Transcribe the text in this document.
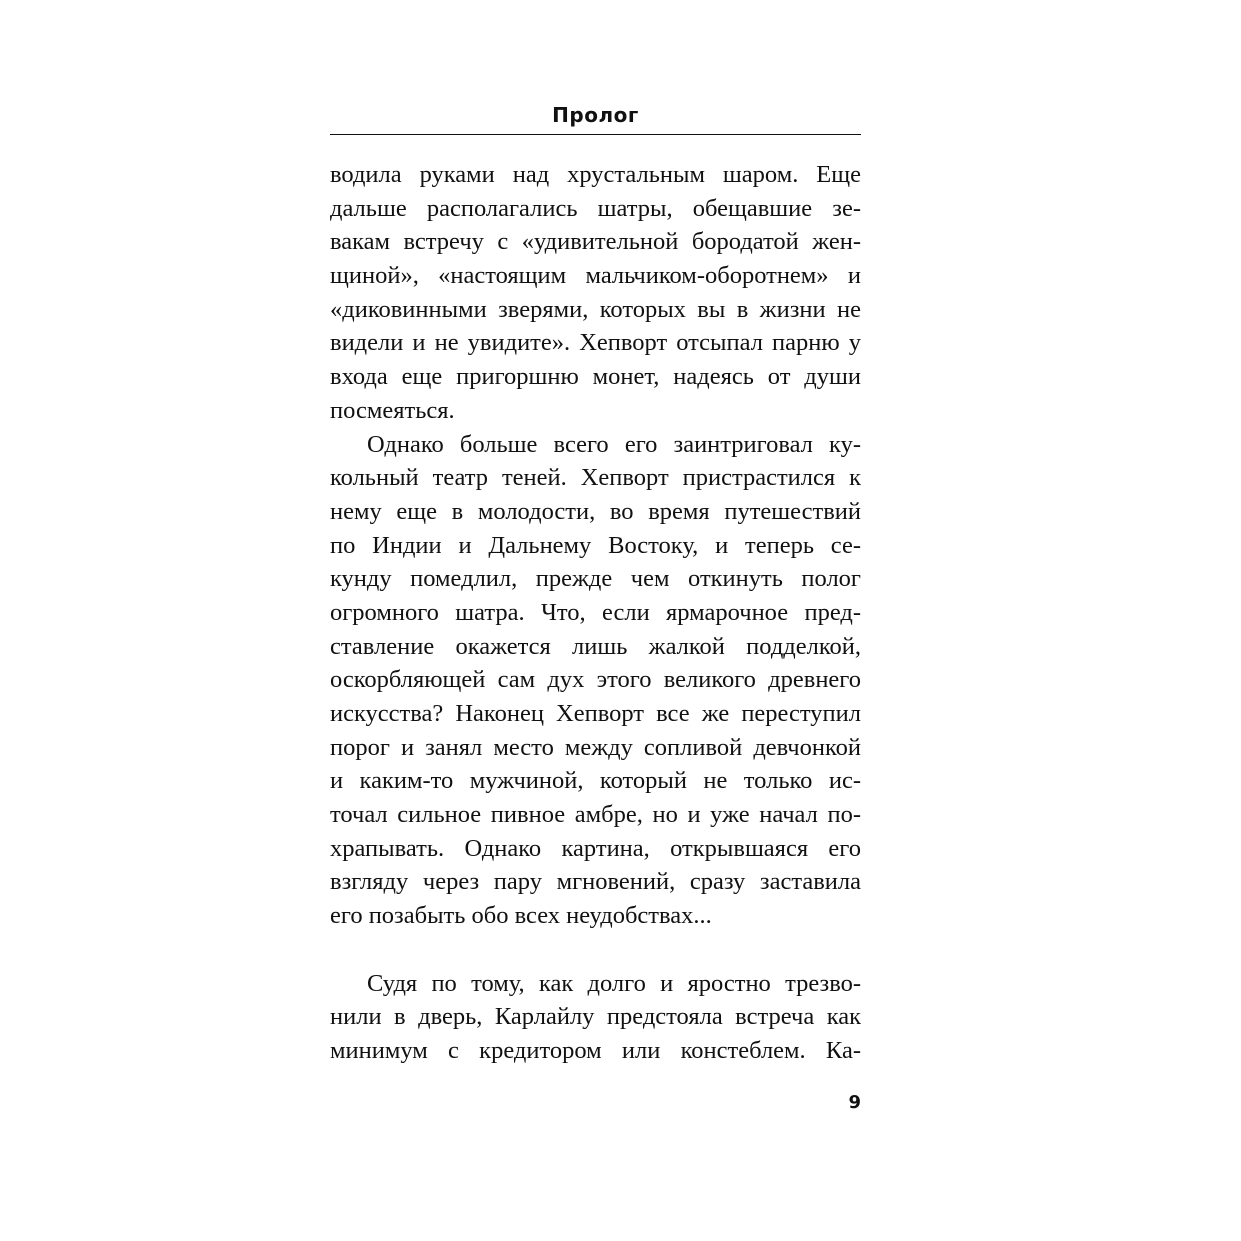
Пролог
водила руками над хрустальным шаром. Еще
дальше располагались шатры, обещавшие зе-
вакам встречу с «удивительной бородатой жен-
щиной», «настоящим мальчиком-оборотнем» и
«диковинными зверями, которых вы в жизни не
видели и не увидите». Хепворт отсыпал парню у
входа еще пригоршню монет, надеясь от души
посмеяться.
Однако больше всего его заинтриговал ку-
кольный театр теней. Хепворт пристрастился к
нему еще в молодости, во время путешествий
по Индии и Дальнему Востоку, и теперь се-
кунду помедлил, прежде чем откинуть полог
огромного шатра. Что, если ярмарочное пред-
ставление окажется лишь жалкой подделкой,
оскорбляющей сам дух этого великого древнего
искусства? Наконец Хепворт все же переступил
порог и занял место между сопливой девчонкой
и каким-то мужчиной, который не только ис-
точал сильное пивное амбре, но и уже начал по-
храпывать. Однако картина, открывшаяся его
взгляду через пару мгновений, сразу заставила
его позабыть обо всех неудобствах...
Судя по тому, как долго и яростно трезво-
нили в дверь, Карлайлу предстояла встреча как
минимум с кредитором или констеблем. Ка-
9
